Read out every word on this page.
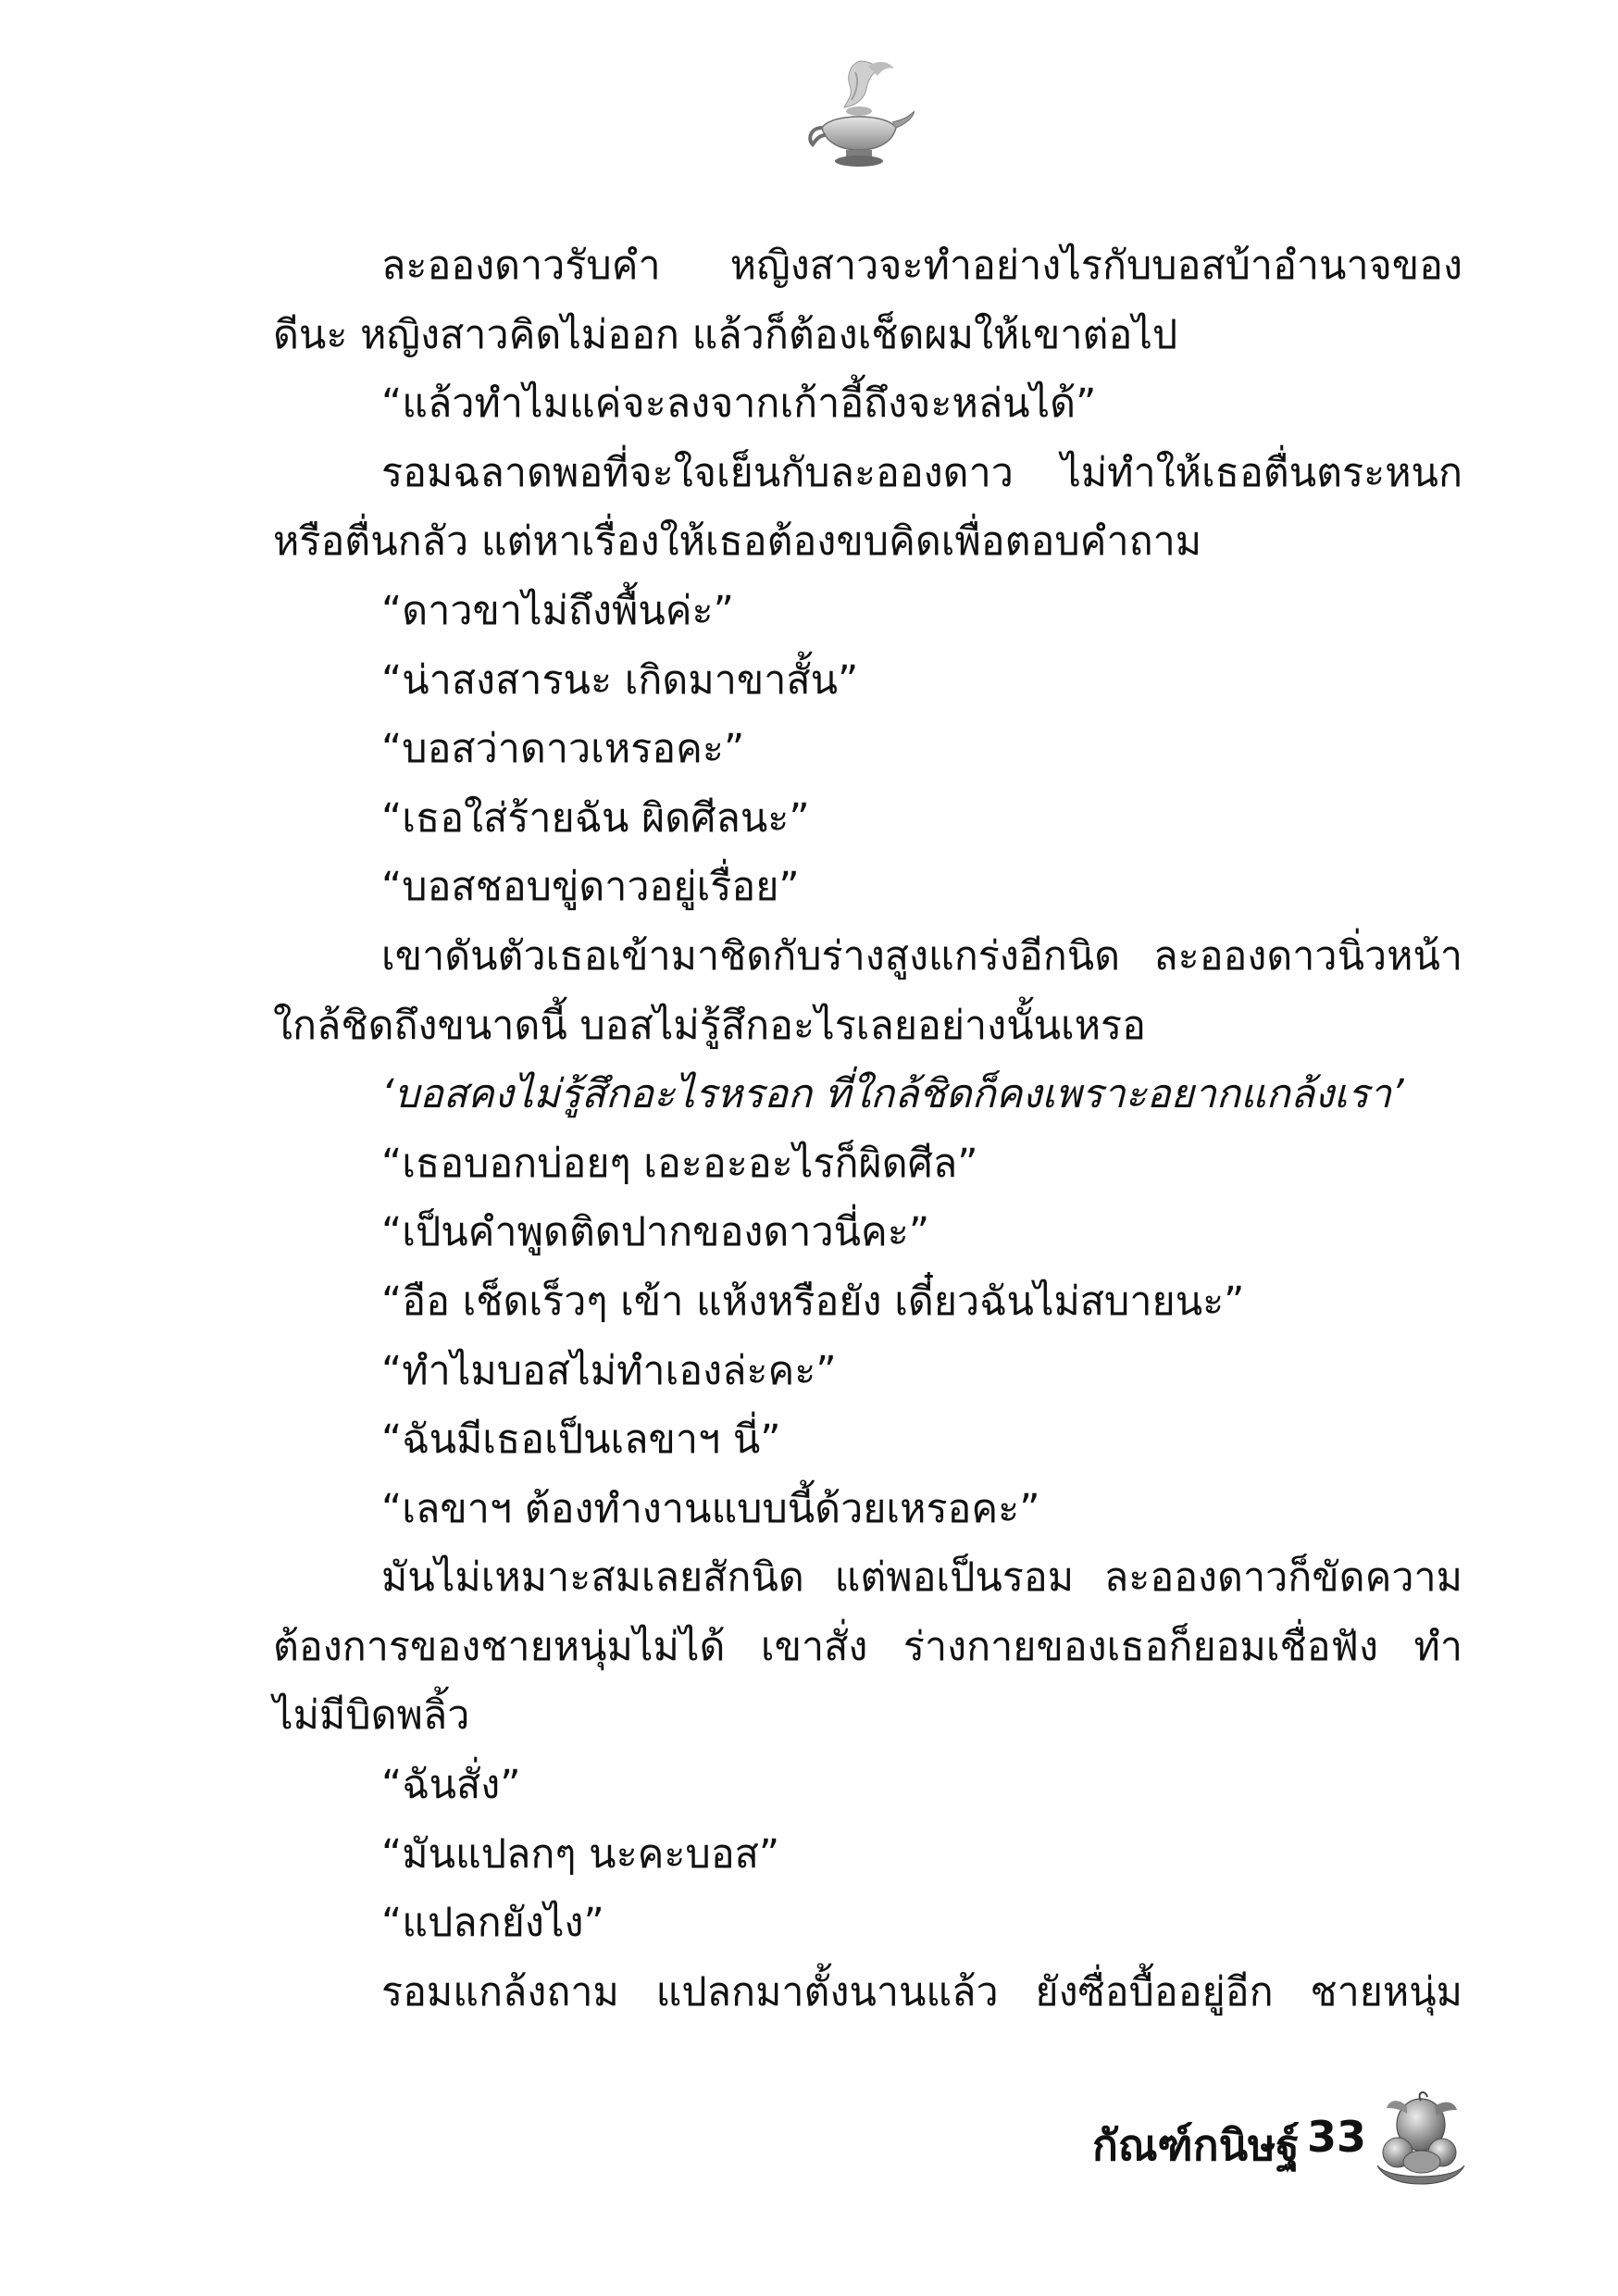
ละอองดาวรับคำ หญิงสาวจะทำอย่างไรกับบอสบ้าอำนาจของ
ดีนะ หญิงสาวคิดไม่ออก แล้วก็ต้องเช็ดผมให้เขาต่อไป
“แล้วทำไมแค่จะลงจากเก้าอี้ถึงจะหล่นได้”
รอมฉลาดพอที่จะใจเย็นกับละอองดาว ไม่ทำให้เธอตื่นตระหนก
หรือตื่นกลัว แต่หาเรื่องให้เธอต้องขบคิดเพื่อตอบคำถาม
“ดาวขาไม่ถึงพื้นค่ะ”
“น่าสงสารนะ เกิดมาขาสั้น”
“บอสว่าดาวเหรอคะ”
“เธอใส่ร้ายฉัน ผิดศีลนะ”
“บอสชอบขู่ดาวอยู่เรื่อย”
เขาดันตัวเธอเข้ามาชิดกับร่างสูงแกร่งอีกนิด ละอองดาวนิ่วหน้า
ใกล้ชิดถึงขนาดนี้ บอสไม่รู้สึกอะไรเลยอย่างนั้นเหรอ
‘บอสคงไม่รู้สึกอะไรหรอก ที่ใกล้ชิดก็คงเพราะอยากแกล้งเรา’
“เธอบอกบ่อยๆ เอะอะอะไรก็ผิดศีล”
“เป็นคำพูดติดปากของดาวนี่คะ”
“อือ เช็ดเร็วๆ เข้า แห้งหรือยัง เดี๋ยวฉันไม่สบายนะ”
“ทำไมบอสไม่ทำเองล่ะคะ”
“ฉันมีเธอเป็นเลขาฯ นี่”
“เลขาฯ ต้องทำงานแบบนี้ด้วยเหรอคะ”
มันไม่เหมาะสมเลยสักนิด แต่พอเป็นรอม ละอองดาวก็ขัดความ
ต้องการของชายหนุ่มไม่ได้ เขาสั่ง ร่างกายของเธอก็ยอมเชื่อฟัง ทำ
ไม่มีบิดพลิ้ว
“ฉันสั่ง”
“มันแปลกๆ นะคะบอส”
“แปลกยังไง”
รอมแกล้งถาม แปลกมาตั้งนานแล้ว ยังซื่อบื้ออยู่อีก ชายหนุ่ม
กัณฑ์กนิษฐ์ 33
